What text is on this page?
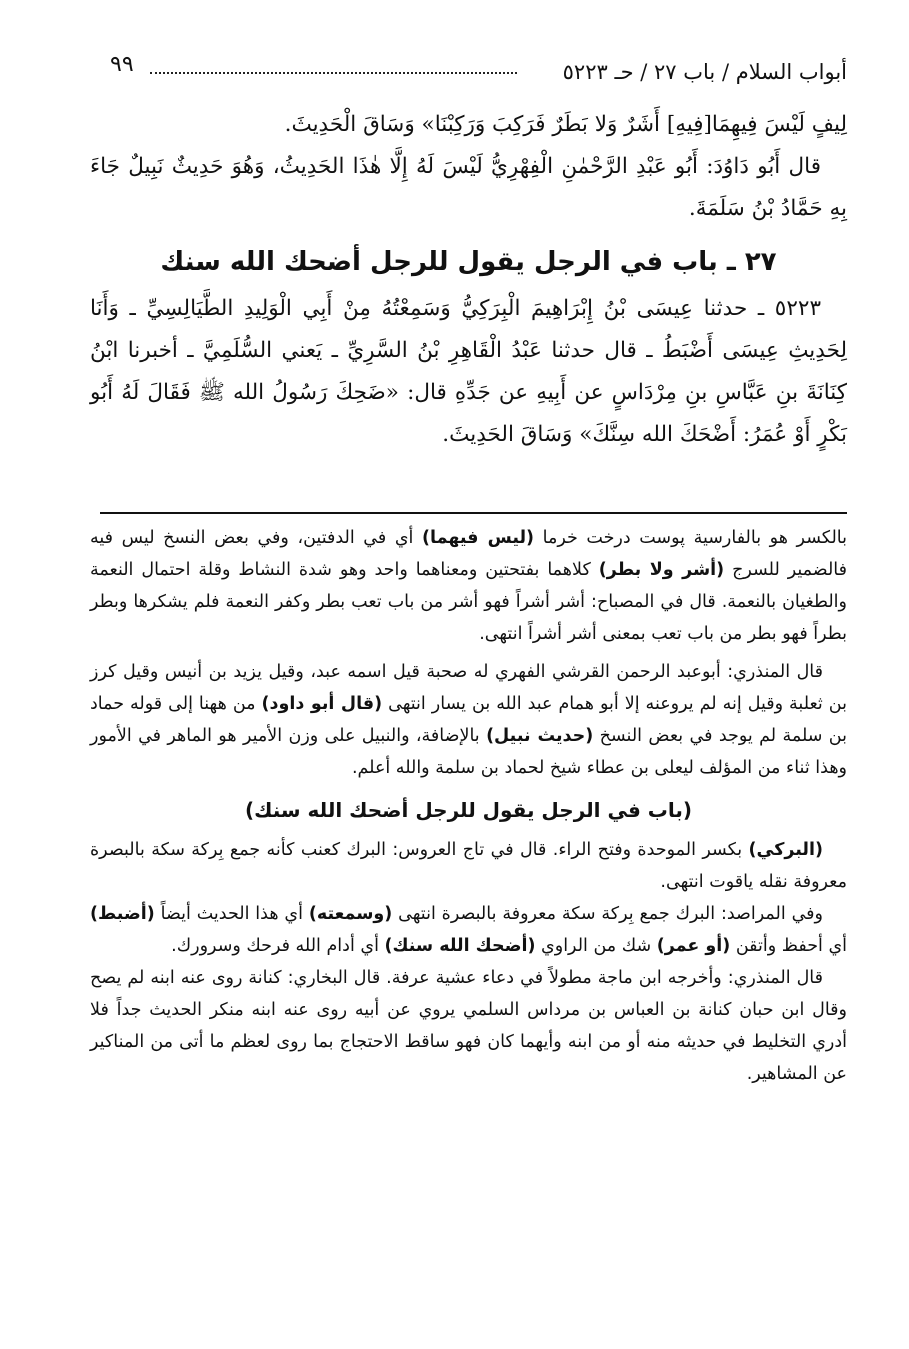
أبواب السلام / باب ٢٧ / حـ ٥٢٢٣
٩٩

لِيفٍ لَيْسَ فِيهِمَا[فِيهِ] أَشَرٌ وَلا بَطَرٌ فَرَكِبَ وَرَكِبْنَا» وَسَاقَ الْحَدِيثَ.

قال أَبُو دَاوُدَ: أَبُو عَبْدِ الرَّحْمٰنِ الْفِهْرِيُّ لَيْسَ لَهُ إِلَّا هٰذَا الحَدِيثُ، وَهُوَ حَدِيثٌ نَبِيلٌ جَاءَ بِهِ حَمَّادُ بْنُ سَلَمَةَ.

٢٧ ـ باب في الرجل يقول للرجل أضحك الله سنك

٥٢٢٣ ـ حدثنا عِيسَى بْنُ إِبْرَاهِيمَ الْبِرَكِيُّ وَسَمِعْتُهُ مِنْ أَبِي الْوَلِيدِ الطَّيَالِسِيِّ ـ وَأَنَا لِحَدِيثِ عِيسَى أَضْبَطُ ـ قال حدثنا عَبْدُ الْقَاهِرِ بْنُ السَّرِيِّ ـ يَعني السُّلَمِيَّ ـ أخبرنا ابْنُ كِنَانَةَ بنِ عَبَّاسِ بنِ مِرْدَاسٍ عن أَبِيهِ عن جَدِّهِ قال: «ضَحِكَ رَسُولُ الله ﷺ فَقَالَ لَهُ أَبُو بَكْرٍ أَوْ عُمَرُ: أَضْحَكَ الله سِنَّكَ» وَسَاقَ الحَدِيثَ.

بالكسر هو بالفارسية پوست درخت خرما (ليس فيهما) أي في الدفتين، وفي بعض النسخ ليس فيه فالضمير للسرج (أشر ولا بطر) كلاهما بفتحتين ومعناهما واحد وهو شدة النشاط وقلة احتمال النعمة والطغيان بالنعمة. قال في المصباح: أشر أشراً فهو أشر من باب تعب بطر وكفر النعمة فلم يشكرها وبطر بطراً فهو بطر من باب تعب بمعنى أشر أشراً انتهى.

قال المنذري: أبوعبد الرحمن القرشي الفهري له صحبة قيل اسمه عبد، وقيل يزيد بن أنيس وقيل كرز بن ثعلبة وقيل إنه لم يروعنه إلا أبو همام عبد الله بن يسار انتهى (قال أبو داود) من ههنا إلى قوله حماد بن سلمة لم يوجد في بعض النسخ (حديث نبيل) بالإضافة، والنبيل على وزن الأمير هو الماهر في الأمور وهذا ثناء من المؤلف ليعلى بن عطاء شيخ لحماد بن سلمة والله أعلم.

(باب في الرجل يقول للرجل أضحك الله سنك)

(البركي) بكسر الموحدة وفتح الراء. قال في تاج العروس: البرك كعنب كأنه جمع بِركة سكة بالبصرة معروفة نقله ياقوت انتهى.

وفي المراصد: البرك جمع بِركة سكة معروفة بالبصرة انتهى (وسمعته) أي هذا الحديث أيضاً (أضبط) أي أحفظ وأتقن (أو عمر) شك من الراوي (أضحك الله سنك) أي أدام الله فرحك وسرورك.

قال المنذري: وأخرجه ابن ماجة مطولاً في دعاء عشية عرفة. قال البخاري: كنانة روى عنه ابنه لم يصح وقال ابن حبان كنانة بن العباس بن مرداس السلمي يروي عن أبيه روى عنه ابنه منكر الحديث جداً فلا أدري التخليط في حديثه منه أو من ابنه وأيهما كان فهو ساقط الاحتجاج بما روى لعظم ما أتى من المناكير عن المشاهير.
